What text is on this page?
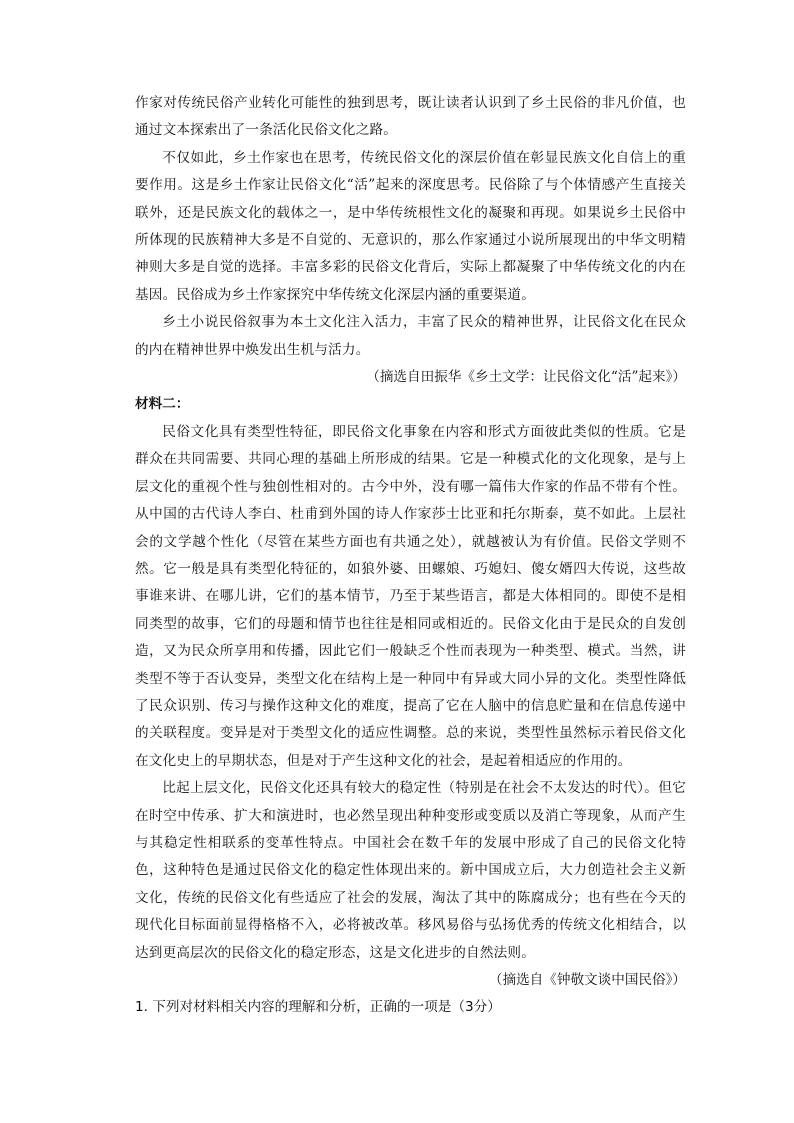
作家对传统民俗产业转化可能性的独到思考，既让读者认识到了乡土民俗的非凡价值，也通过文本探索出了一条活化民俗文化之路。

不仅如此，乡土作家也在思考，传统民俗文化的深层价值在彰显民族文化自信上的重要作用。这是乡土作家让民俗文化“活”起来的深度思考。民俗除了与个体情感产生直接关联外，还是民族文化的载体之一，是中华传统根性文化的凝聚和再现。如果说乡土民俗中所体现的民族精神大多是不自觉的、无意识的，那么作家通过小说所展现出的中华文明精神则大多是自觉的选择。丰富多彩的民俗文化背后，实际上都凝聚了中华传统文化的内在基因。民俗成为乡土作家探究中华传统文化深层内涵的重要渠道。

乡土小说民俗叙事为本土文化注入活力，丰富了民众的精神世界，让民俗文化在民众的内在精神世界中焕发出生机与活力。

（摘选自田振华《乡土文学：让民俗文化“活”起来》）

材料二：

民俗文化具有类型性特征，即民俗文化事象在内容和形式方面彼此类似的性质。它是群众在共同需要、共同心理的基础上所形成的结果。它是一种模式化的文化现象，是与上层文化的重视个性与独创性相对的。古今中外，没有哪一篇伟大作家的作品不带有个性。从中国的古代诗人李白、杜甫到外国的诗人作家莎士比亚和托尔斯泰，莫不如此。上层社会的文学越个性化（尽管在某些方面也有共通之处），就越被认为有价值。民俗文学则不然。它一般是具有类型化特征的，如狼外婆、田螺娘、巧媳妇、傻女婿四大传说，这些故事谁来讲、在哪儿讲，它们的基本情节，乃至于某些语言，都是大体相同的。即使不是相同类型的故事，它们的母题和情节也往往是相同或相近的。民俗文化由于是民众的自发创造，又为民众所享用和传播，因此它们一般缺乏个性而表现为一种类型、模式。当然，讲类型不等于否认变异，类型文化在结构上是一种同中有异或大同小异的文化。类型性降低了民众识别、传习与操作这种文化的难度，提高了它在人脑中的信息贮量和在信息传递中的关联程度。变异是对于类型文化的适应性调整。总的来说，类型性虽然标示着民俗文化在文化史上的早期状态，但是对于产生这种文化的社会，是起着相适应的作用的。

比起上层文化，民俗文化还具有较大的稳定性（特别是在社会不太发达的时代）。但它在时空中传承、扩大和演进时，也必然呈现出种种变形或变质以及消亡等现象，从而产生与其稳定性相联系的变革性特点。中国社会在数千年的发展中形成了自己的民俗文化特色，这种特色是通过民俗文化的稳定性体现出来的。新中国成立后，大力创造社会主义新文化，传统的民俗文化有些适应了社会的发展，淘汰了其中的陈腐成分；也有些在今天的现代化目标面前显得格格不入，必将被改革。移风易俗与弘扬优秀的传统文化相结合，以达到更高层次的民俗文化的稳定形态，这是文化进步的自然法则。

（摘选自《钟敬文谈中国民俗》）

1. 下列对材料相关内容的理解和分析，正确的一项是（3分）
